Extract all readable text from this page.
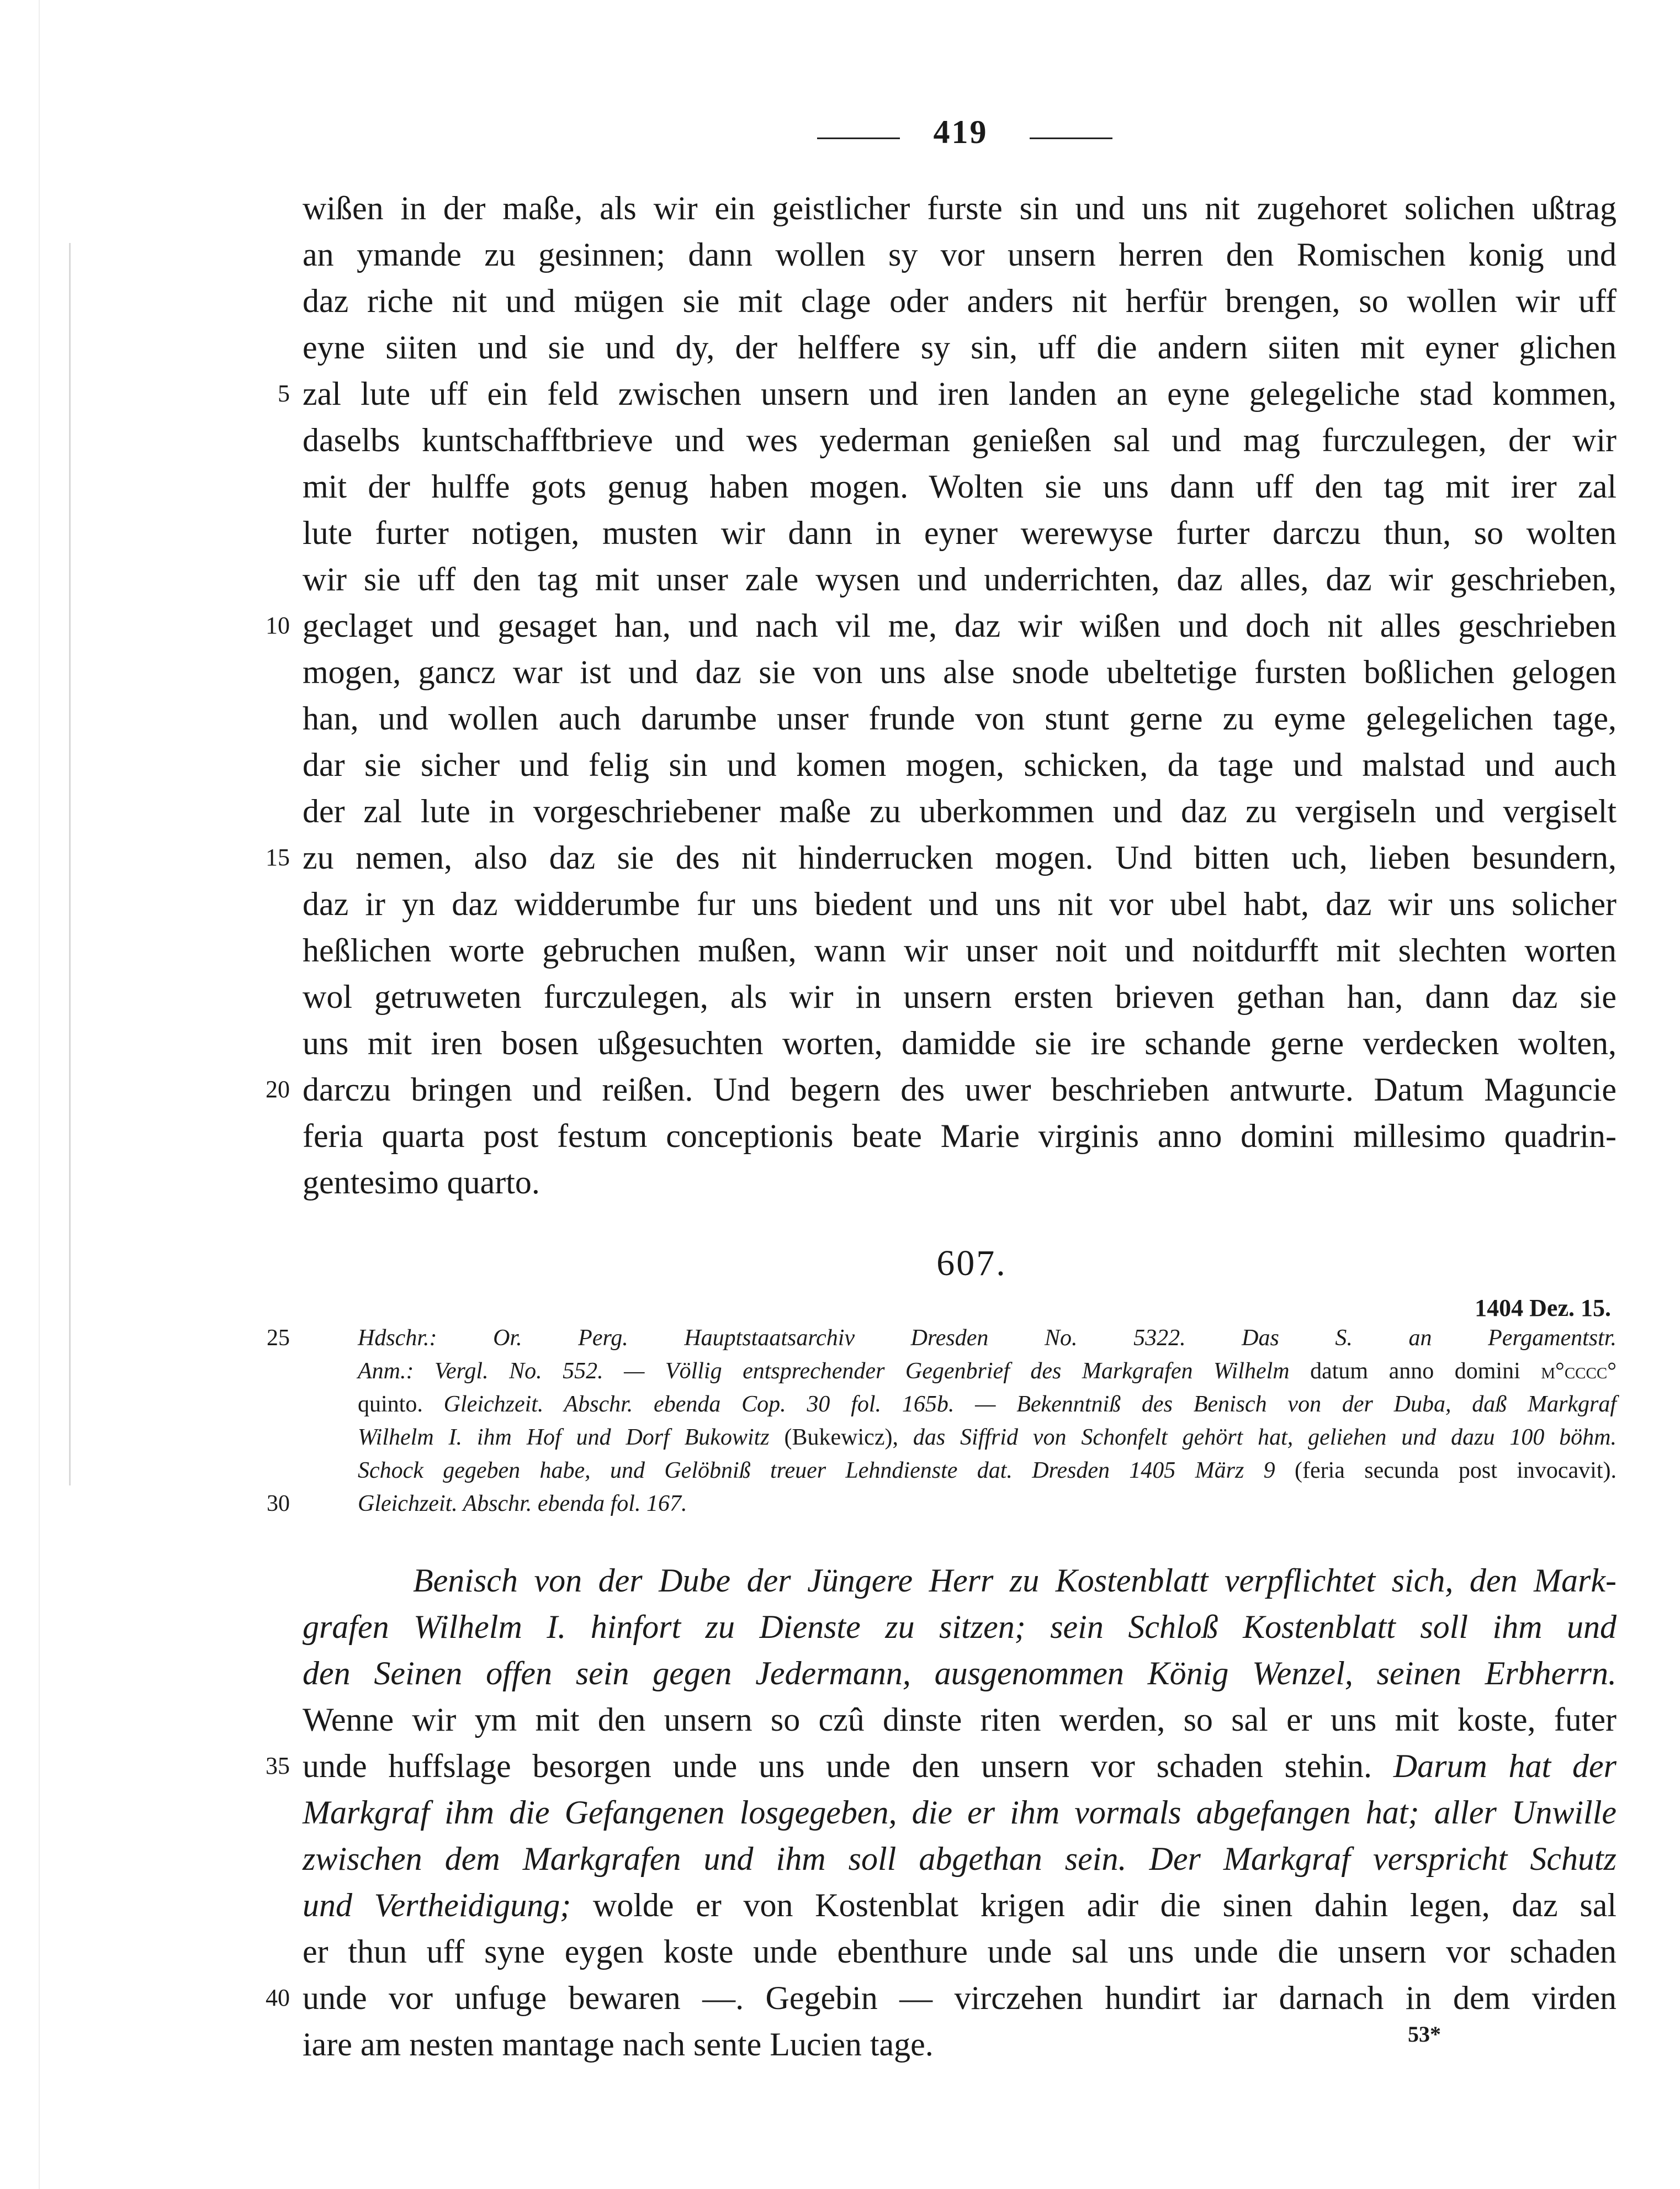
419
wißen in der maße, als wir ein geistlicher furste sin und uns nit zugehoret solichen ußtrag
an ymande zu gesinnen; dann wollen sy vor unsern herren den Romischen konig und
daz riche nit und mügen sie mit clage oder anders nit herfür brengen, so wollen wir uff
eyne siiten und sie und dy, der helffere sy sin, uff die andern siiten mit eyner glichen
zal lute uff ein feld zwischen unsern und iren landen an eyne gelegeliche stad kommen,
daselbs kuntschafftbrieve und wes yederman genießen sal und mag furczulegen, der wir
mit der hulffe gots genug haben mogen. Wolten sie uns dann uff den tag mit irer zal
lute furter notigen, musten wir dann in eyner werewyse furter darczu thun, so wolten
wir sie uff den tag mit unser zale wysen und underrichten, daz alles, daz wir geschrieben,
geclaget und gesaget han, und nach vil me, daz wir wißen und doch nit alles geschrieben
mogen, gancz war ist und daz sie von uns alse snode ubeltetige fursten boßlichen gelogen
han, und wollen auch darumbe unser frunde von stunt gerne zu eyme gelegelichen tage,
dar sie sicher und felig sin und komen mogen, schicken, da tage und malstad und auch
der zal lute in vorgeschriebener maße zu uberkommen und daz zu vergiseln und vergiselt
zu nemen, also daz sie des nit hinderrucken mogen. Und bitten uch, lieben besundern,
daz ir yn daz widderumbe fur uns biedent und uns nit vor ubel habt, daz wir uns solicher
heßlichen worte gebruchen mußen, wann wir unser noit und noitdurfft mit slechten worten
wol getruweten furczulegen, als wir in unsern ersten brieven gethan han, dann daz sie
uns mit iren bosen ußgesuchten worten, damidde sie ire schande gerne verdecken wolten,
darczu bringen und reißen. Und begern des uwer beschrieben antwurte. Datum Maguncie
feria quarta post festum conceptionis beate Marie virginis anno domini millesimo quadrin-
gentesimo quarto.
5
10
15
20
607.
1404 Dez. 15.
Hdschr.: Or. Perg. Hauptstaatsarchiv Dresden No. 5322. Das S. an Pergamentstr.
Anm.: Vergl. No. 552. — Völlig entsprechender Gegenbrief des Markgrafen Wilhelm datum anno domini m°cccc°
quinto. Gleichzeit. Abschr. ebenda Cop. 30 fol. 165b. — Bekenntniß des Benisch von der Duba, daß Markgraf
Wilhelm I. ihm Hof und Dorf Bukowitz (Bukewicz), das Siffrid von Schonfelt gehört hat, geliehen und dazu 100 böhm.
Schock gegeben habe, und Gelöbniß treuer Lehndienste dat. Dresden 1405 März 9 (feria secunda post invocavit).
Gleichzeit. Abschr. ebenda fol. 167.
25
30
Benisch von der Dube der Jüngere Herr zu Kostenblatt verpflichtet sich, den Mark-
grafen Wilhelm I. hinfort zu Dienste zu sitzen; sein Schloß Kostenblatt soll ihm und
den Seinen offen sein gegen Jedermann, ausgenommen König Wenzel, seinen Erbherrn.
Wenne wir ym mit den unsern so czû dinste riten werden, so sal er uns mit koste, futer
unde huffslage besorgen unde uns unde den unsern vor schaden stehin. Darum hat der
Markgraf ihm die Gefangenen losgegeben, die er ihm vormals abgefangen hat; aller Unwille
zwischen dem Markgrafen und ihm soll abgethan sein. Der Markgraf verspricht Schutz
und Vertheidigung; wolde er von Kostenblat krigen adir die sinen dahin legen, daz sal
er thun uff syne eygen koste unde ebenthure unde sal uns unde die unsern vor schaden
unde vor unfuge bewaren —. Gegebin — virczehen hundirt iar darnach in dem virden
iare am nesten mantage nach sente Lucien tage.
35
40
53*
